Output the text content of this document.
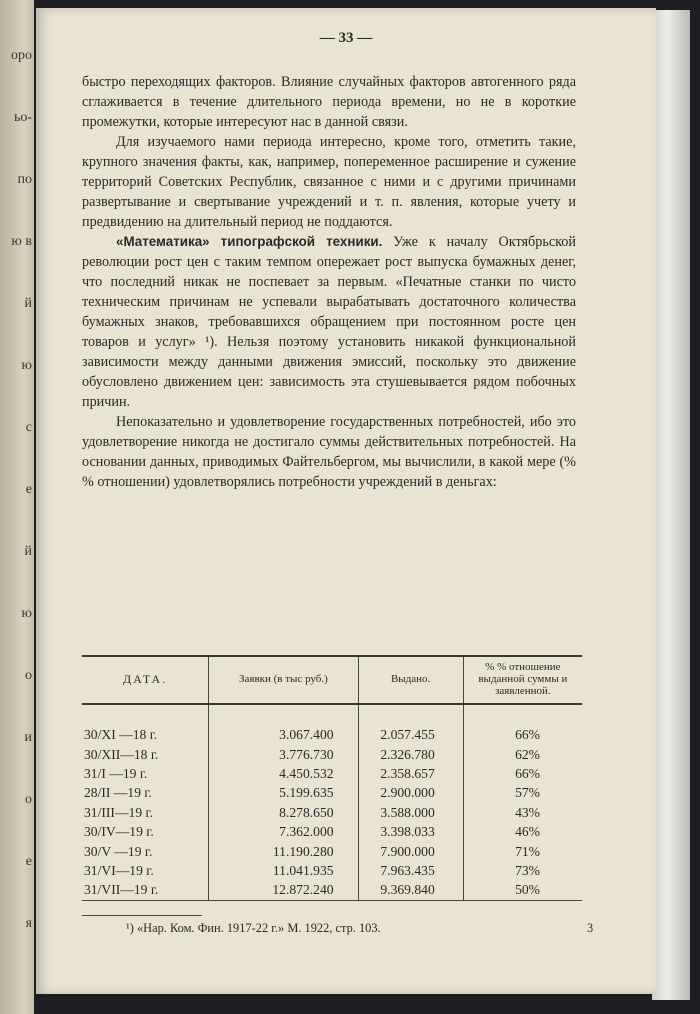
оро
ьо-
по
ю в
й
ю
с
е
й
ю
о
и
о
е
я
— 33 —

быстро переходящих факторов. Влияние случайных факторов автогенного ряда сглаживается в течение длительного периода времени, но не в короткие промежутки, которые интересуют нас в данной связи.

Для изучаемого нами периода интересно, кроме того, отметить такие, крупного значения факты, как, например, попеременное расширение и сужение территорий Советских Республик, связанное с ними и с другими причинами развертывание и свертывание учреждений и т. п. явления, которые учету и предвидению на длительный период не поддаются.

«Математика» типографской техники. Уже к началу Октябрьской революции рост цен с таким темпом опережает рост выпуска бумажных денег, что последний никак не поспевает за первым. «Печатные станки по чисто техническим причинам не успевали вырабатывать достаточного количества бумажных знаков, требовавшихся обращением при постоянном росте цен товаров и услуг» ¹). Нельзя поэтому установить никакой функциональной зависимости между данными движения эмиссий, поскольку это движение обусловлено движением цен: зависимость эта стушевывается рядом побочных причин.

Непоказательно и удовлетворение государственных потребностей, ибо это удовлетворение никогда не достигало суммы действительных потребностей. На основании данных, приводимых Файтельбергом, мы вычислили, в какой мере (% % отношении) удовлетворялись потребности учреждений в деньгах:

ДАТА.	Заявки (в тыс руб.)	Выдано.	% % отношение выданной суммы и заявленной.

30/XI —18 г.	3.067.400	2.057.455	66%
30/XII—18 г.	3.776.730	2.326.780	62%
31/I —19 г.	4.450.532	2.358.657	66%
28/II —19 г.	5.199.635	2.900.000	57%
31/III—19 г.	8.278.650	3.588.000	43%
30/IV—19 г.	7.362.000	3.398.033	46%
30/V —19 г.	11.190.280	7.900.000	71%
31/VI—19 г.	11.041.935	7.963.435	73%
31/VII—19 г.	12.872.240	9.369.840	50%
¹) «Нар. Ком. Фин. 1917-22 г.» М. 1922, стр. 103.	3
